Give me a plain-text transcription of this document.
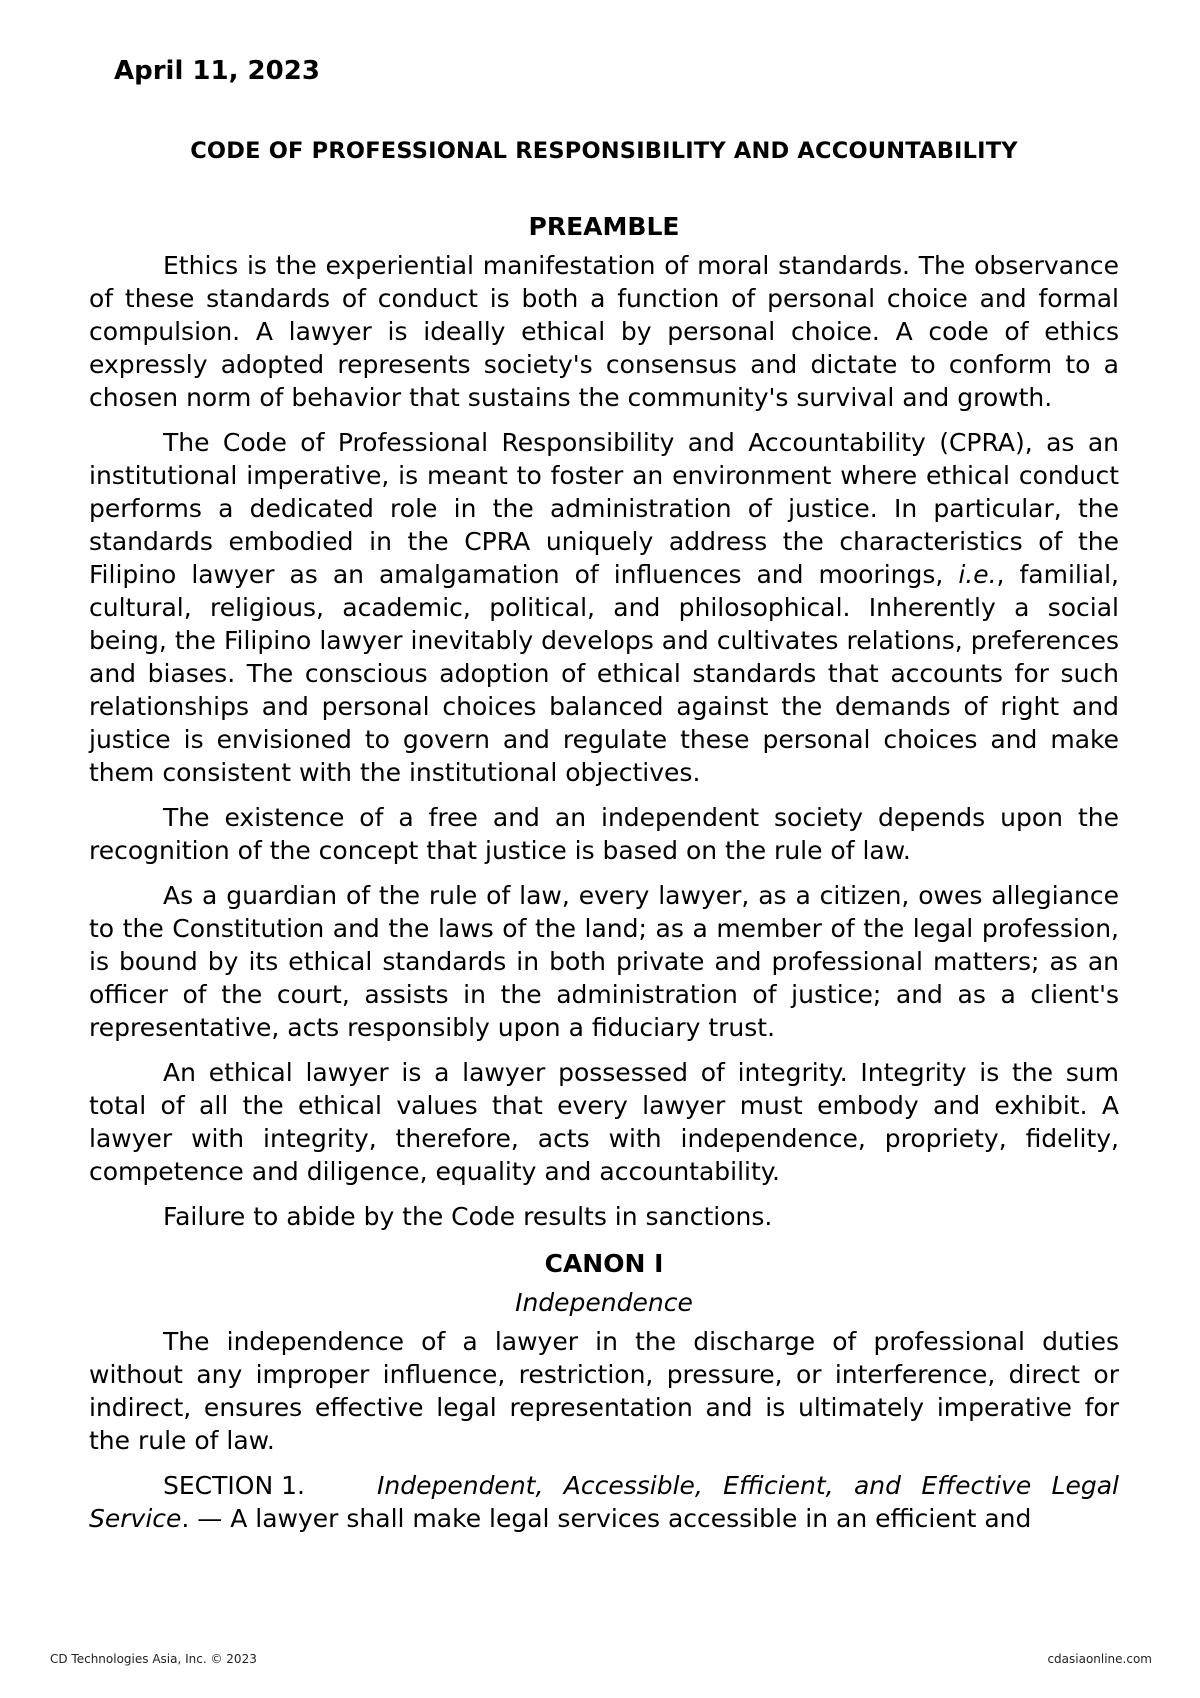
April 11, 2023
CODE OF PROFESSIONAL RESPONSIBILITY AND ACCOUNTABILITY
PREAMBLE

Ethics is the experiential manifestation of moral standards. The observance of these standards of conduct is both a function of personal choice and formal compulsion. A lawyer is ideally ethical by personal choice. A code of ethics expressly adopted represents society's consensus and dictate to conform to a chosen norm of behavior that sustains the community's survival and growth.

The Code of Professional Responsibility and Accountability (CPRA), as an institutional imperative, is meant to foster an environment where ethical conduct performs a dedicated role in the administration of justice. In particular, the standards embodied in the CPRA uniquely address the characteristics of the Filipino lawyer as an amalgamation of influences and moorings, i.e., familial, cultural, religious, academic, political, and philosophical. Inherently a social being, the Filipino lawyer inevitably develops and cultivates relations, preferences and biases. The conscious adoption of ethical standards that accounts for such relationships and personal choices balanced against the demands of right and justice is envisioned to govern and regulate these personal choices and make them consistent with the institutional objectives.

The existence of a free and an independent society depends upon the recognition of the concept that justice is based on the rule of law.

As a guardian of the rule of law, every lawyer, as a citizen, owes allegiance to the Constitution and the laws of the land; as a member of the legal profession, is bound by its ethical standards in both private and professional matters; as an officer of the court, assists in the administration of justice; and as a client's representative, acts responsibly upon a fiduciary trust.

An ethical lawyer is a lawyer possessed of integrity. Integrity is the sum total of all the ethical values that every lawyer must embody and exhibit. A lawyer with integrity, therefore, acts with independence, propriety, fidelity, competence and diligence, equality and accountability.

Failure to abide by the Code results in sanctions.

CANON I
Independence

The independence of a lawyer in the discharge of professional duties without any improper influence, restriction, pressure, or interference, direct or indirect, ensures effective legal representation and is ultimately imperative for the rule of law.

SECTION 1.	Independent, Accessible, Efficient, and Effective Legal Service. — A lawyer shall make legal services accessible in an efficient and

CD Technologies Asia, Inc. © 2023	cdasiaonline.com
